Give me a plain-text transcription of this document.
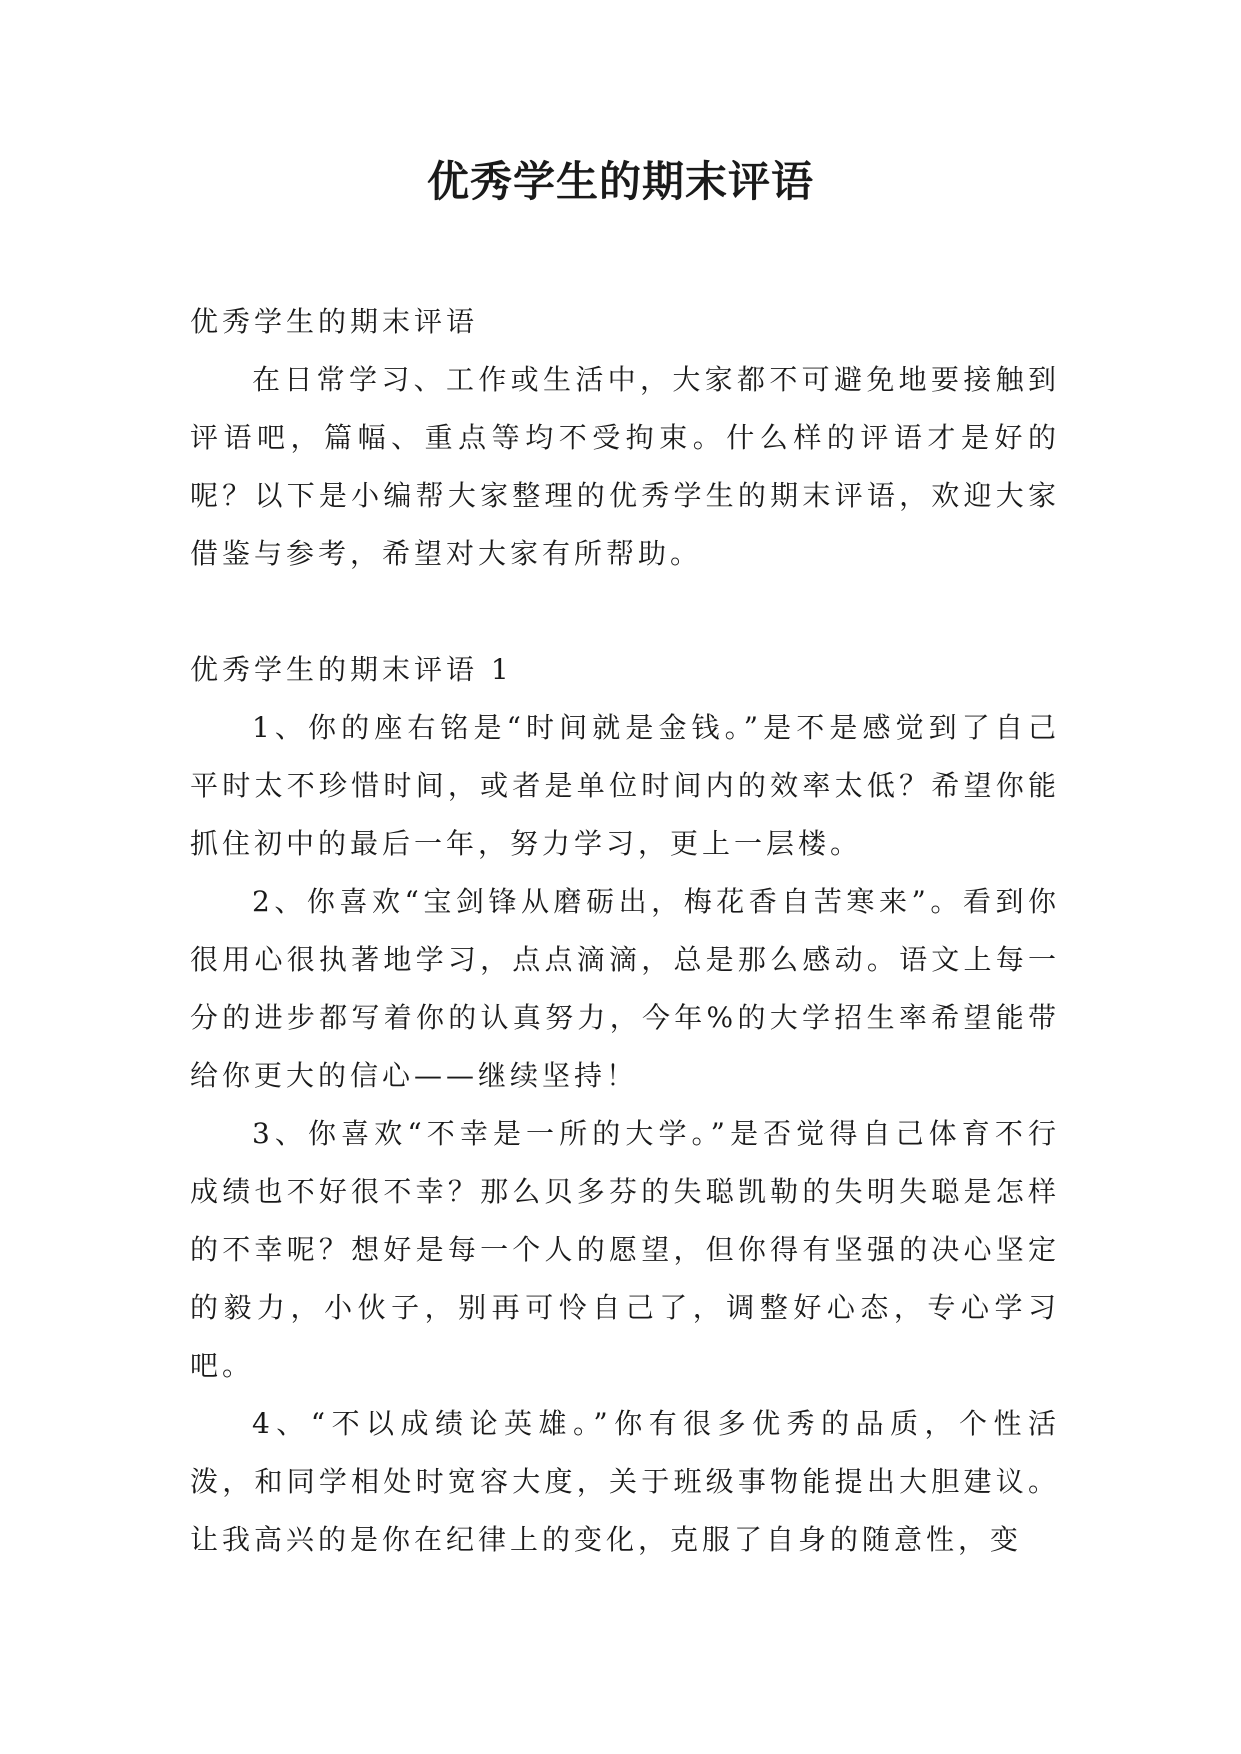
优秀学生的期末评语

优秀学生的期末评语

在日常学习、工作或生活中，大家都不可避免地要接触到评语吧，篇幅、重点等均不受拘束。什么样的评语才是好的呢？以下是小编帮大家整理的优秀学生的期末评语，欢迎大家借鉴与参考，希望对大家有所帮助。

优秀学生的期末评语 1

1、你的座右铭是“时间就是金钱。”是不是感觉到了自己平时太不珍惜时间，或者是单位时间内的效率太低？希望你能抓住初中的最后一年，努力学习，更上一层楼。

2、你喜欢“宝剑锋从磨砺出，梅花香自苦寒来”。看到你很用心很执著地学习，点点滴滴，总是那么感动。语文上每一分的进步都写着你的认真努力，今年%的大学招生率希望能带给你更大的信心——继续坚持！

3、你喜欢“不幸是一所的大学。”是否觉得自己体育不行成绩也不好很不幸？那么贝多芬的失聪凯勒的失明失聪是怎样的不幸呢？想好是每一个人的愿望，但你得有坚强的决心坚定的毅力，小伙子，别再可怜自己了，调整好心态，专心学习吧。

4、“不以成绩论英雄。”你有很多优秀的品质，个性活泼，和同学相处时宽容大度，关于班级事物能提出大胆建议。让我高兴的是你在纪律上的变化，克服了自身的随意性，变
